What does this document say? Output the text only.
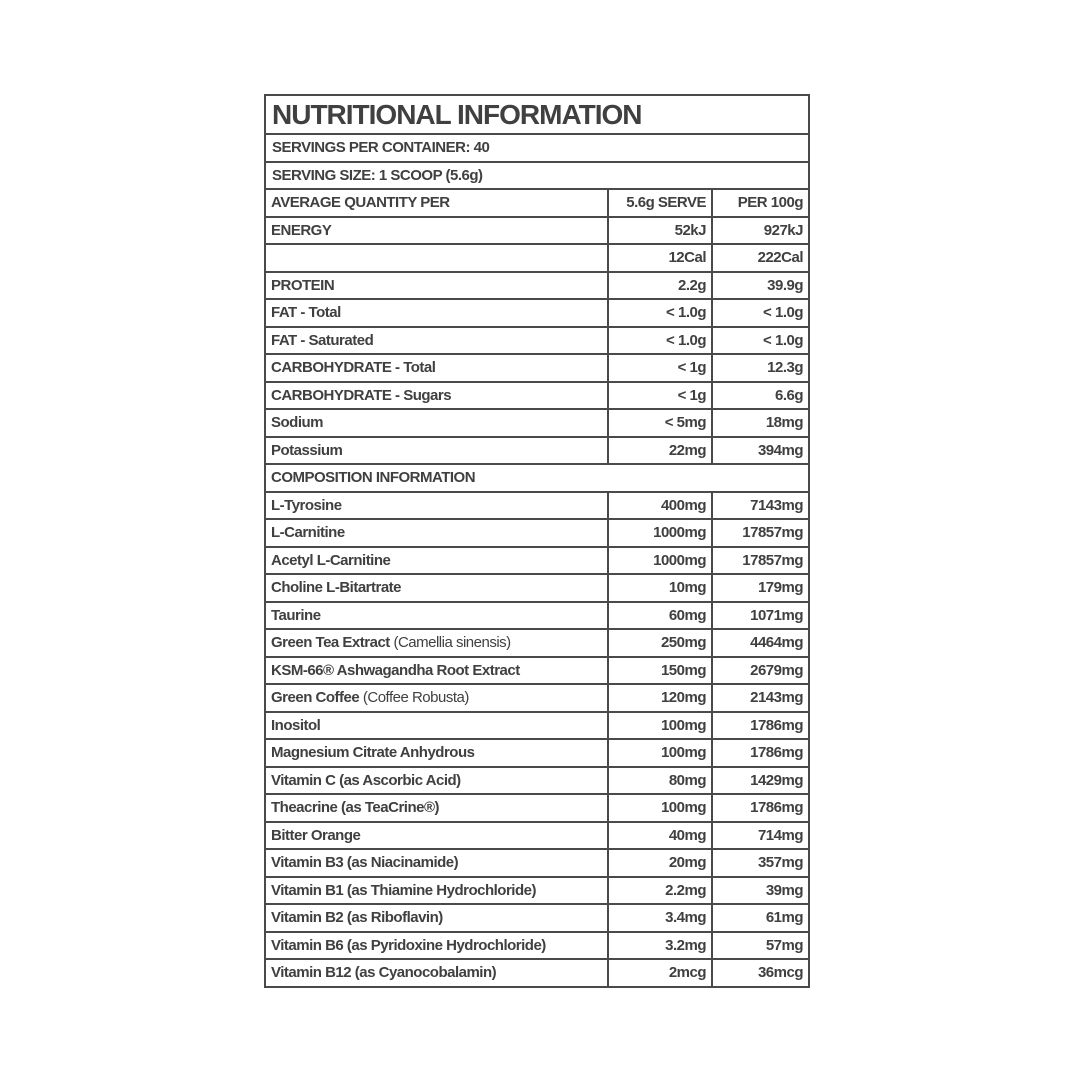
NUTRITIONAL INFORMATION
SERVINGS PER CONTAINER: 40
SERVING SIZE: 1 SCOOP (5.6g)
AVERAGE QUANTITY PER	5.6g SERVE	PER 100g
ENERGY	52kJ	927kJ
	12Cal	222Cal
PROTEIN	2.2g	39.9g
FAT - Total	< 1.0g	< 1.0g
FAT - Saturated	< 1.0g	< 1.0g
CARBOHYDRATE - Total	< 1g	12.3g
CARBOHYDRATE - Sugars	< 1g	6.6g
Sodium	< 5mg	18mg
Potassium	22mg	394mg
COMPOSITION INFORMATION		
L-Tyrosine	400mg	7143mg
L-Carnitine	1000mg	17857mg
Acetyl L-Carnitine	1000mg	17857mg
Choline L-Bitartrate	10mg	179mg
Taurine	60mg	1071mg
Green Tea Extract (Camellia sinensis)	250mg	4464mg
KSM-66® Ashwagandha Root Extract	150mg	2679mg
Green Coffee (Coffee Robusta)	120mg	2143mg
Inositol	100mg	1786mg
Magnesium Citrate Anhydrous	100mg	1786mg
Vitamin C (as Ascorbic Acid)	80mg	1429mg
Theacrine (as TeaCrine®)	100mg	1786mg
Bitter Orange	40mg	714mg
Vitamin B3 (as Niacinamide)	20mg	357mg
Vitamin B1 (as Thiamine Hydrochloride)	2.2mg	39mg
Vitamin B2 (as Riboflavin)	3.4mg	61mg
Vitamin B6 (as Pyridoxine Hydrochloride)	3.2mg	57mg
Vitamin B12 (as Cyanocobalamin)	2mcg	36mcg
